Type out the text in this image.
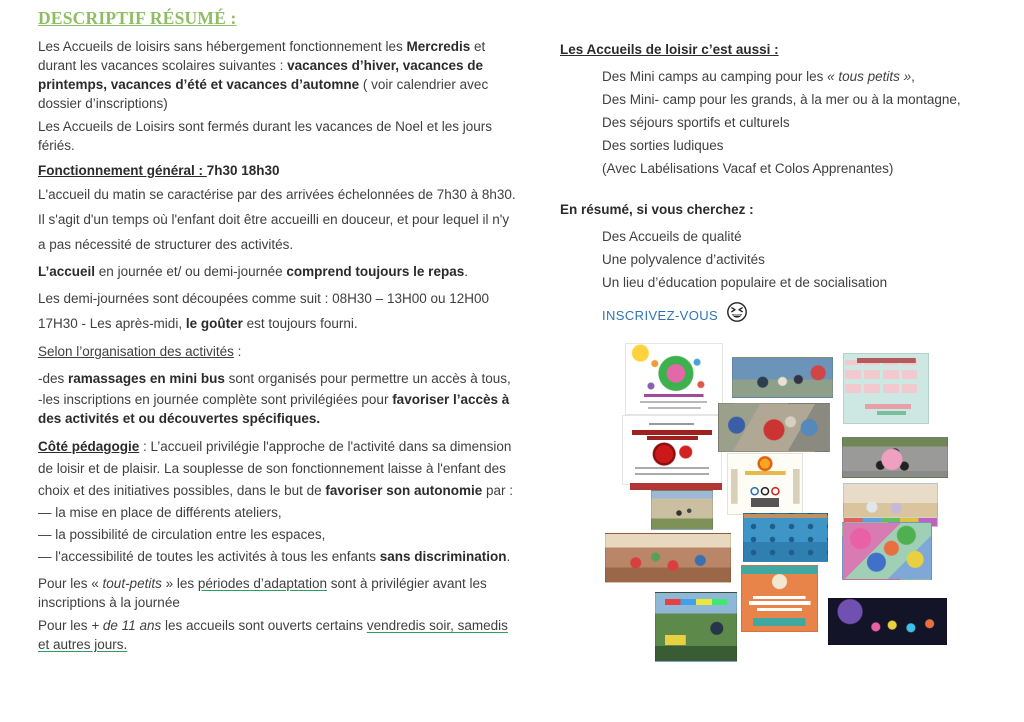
DESCRIPTIF RÉSUMÉ :

Les Accueils de loisirs sans hébergement fonctionnement les Mercredis et durant les vacances scolaires suivantes : vacances d’hiver, vacances de printemps, vacances d’été et vacances d’automne ( voir calendrier avec dossier d’inscriptions)

Les Accueils de Loisirs sont fermés durant les vacances de Noel et les jours fériés.

Fonctionnement général : 7h30 18h30

L'accueil du matin se caractérise par des arrivées échelonnées de 7h30 à 8h30. Il s'agit d'un temps où l'enfant doit être accueilli en douceur, et pour lequel il n'y a pas nécessité de structurer des activités.

L’accueil en journée et/ ou demi-journée comprend toujours le repas.

Les demi-journées sont découpées comme suit : 08H30 – 13H00 ou 12H00 17H30 - Les après-midi, le goûter est toujours fourni.

Selon l’organisation des activités :

-des ramassages en mini bus sont organisés pour permettre un accès à tous,

-les inscriptions en journée complète sont privilégiées pour favoriser l’accès à des activités et ou découvertes spécifiques.

Côté pédagogie : L’accueil privilégie l'approche de l'activité dans sa dimension de loisir et de plaisir. La souplesse de son fonctionnement laisse à l'enfant des choix et des initiatives possibles, dans le but de favoriser son autonomie par :

— la mise en place de différents ateliers,

— la possibilité de circulation entre les espaces,

— l'accessibilité de toutes les activités à tous les enfants sans discrimination.

Pour les « tout-petits » les périodes d’adaptation sont à privilégier avant les inscriptions à la journée

Pour les + de 11 ans les accueils sont ouverts certains vendredis soir, samedis et autres jours.

Les Accueils de loisir c’est aussi :

Des Mini camps au camping pour les « tous petits »,

Des Mini- camp pour les grands, à la mer ou à la montagne,

Des séjours sportifs et culturels

Des sorties ludiques

(Avec Labélisations Vacaf et Colos Apprenantes)

En résumé, si vous cherchez :

Des Accueils de qualité

Une polyvalence d’activités

Un lieu d’éducation populaire et de socialisation

INSCRIVEZ-VOUS
